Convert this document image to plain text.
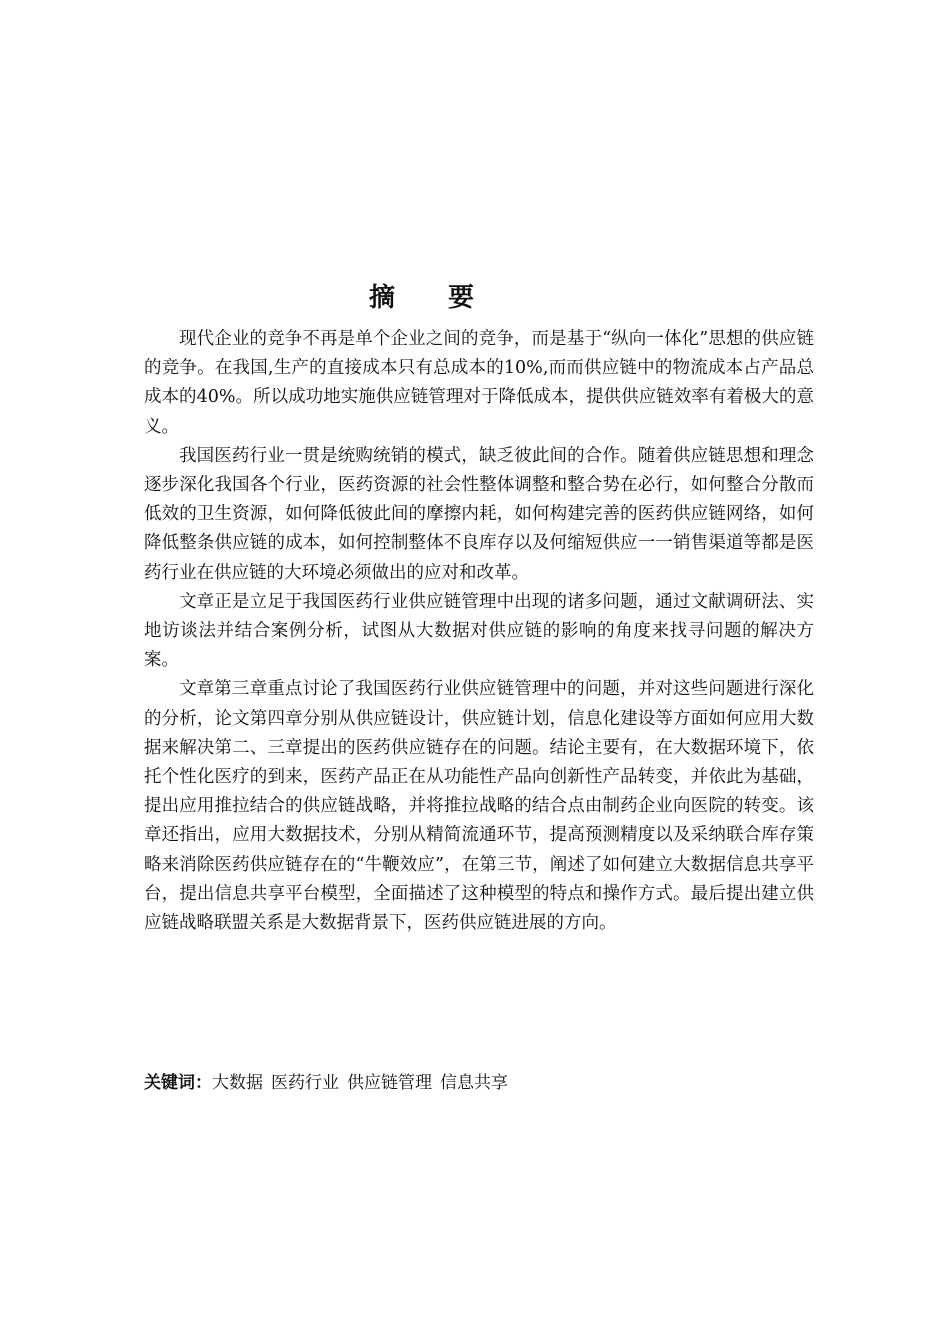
摘 要

现代企业的竞争不再是单个企业之间的竞争，而是基于“纵向一体化”思想的供应链的竞争。在我国,生产的直接成本只有总成本的10%,而而供应链中的物流成本占产品总成本的40%。所以成功地实施供应链管理对于降低成本，提供供应链效率有着极大的意义。

我国医药行业一贯是统购统销的模式，缺乏彼此间的合作。随着供应链思想和理念逐步深化我国各个行业，医药资源的社会性整体调整和整合势在必行，如何整合分散而低效的卫生资源，如何降低彼此间的摩擦内耗，如何构建完善的医药供应链网络，如何降低整条供应链的成本，如何控制整体不良库存以及何缩短供应一一销售渠道等都是医药行业在供应链的大环境必须做出的应对和改革。

文章正是立足于我国医药行业供应链管理中出现的诸多问题，通过文献调研法、实地访谈法并结合案例分析，试图从大数据对供应链的影响的角度来找寻问题的解决方案。

文章第三章重点讨论了我国医药行业供应链管理中的问题，并对这些问题进行深化的分析，论文第四章分别从供应链设计，供应链计划，信息化建设等方面如何应用大数据来解决第二、三章提出的医药供应链存在的问题。结论主要有，在大数据环境下，依托个性化医疗的到来，医药产品正在从功能性产品向创新性产品转变，并依此为基础，提出应用推拉结合的供应链战略，并将推拉战略的结合点由制药企业向医院的转变。该章还指出，应用大数据技术，分别从精简流通环节，提高预测精度以及采纳联合库存策略来消除医药供应链存在的“牛鞭效应”，在第三节，阐述了如何建立大数据信息共享平台，提出信息共享平台模型，全面描述了这种模型的特点和操作方式。最后提出建立供应链战略联盟关系是大数据背景下，医药供应链进展的方向。

关键词：大数据 医药行业 供应链管理 信息共享
